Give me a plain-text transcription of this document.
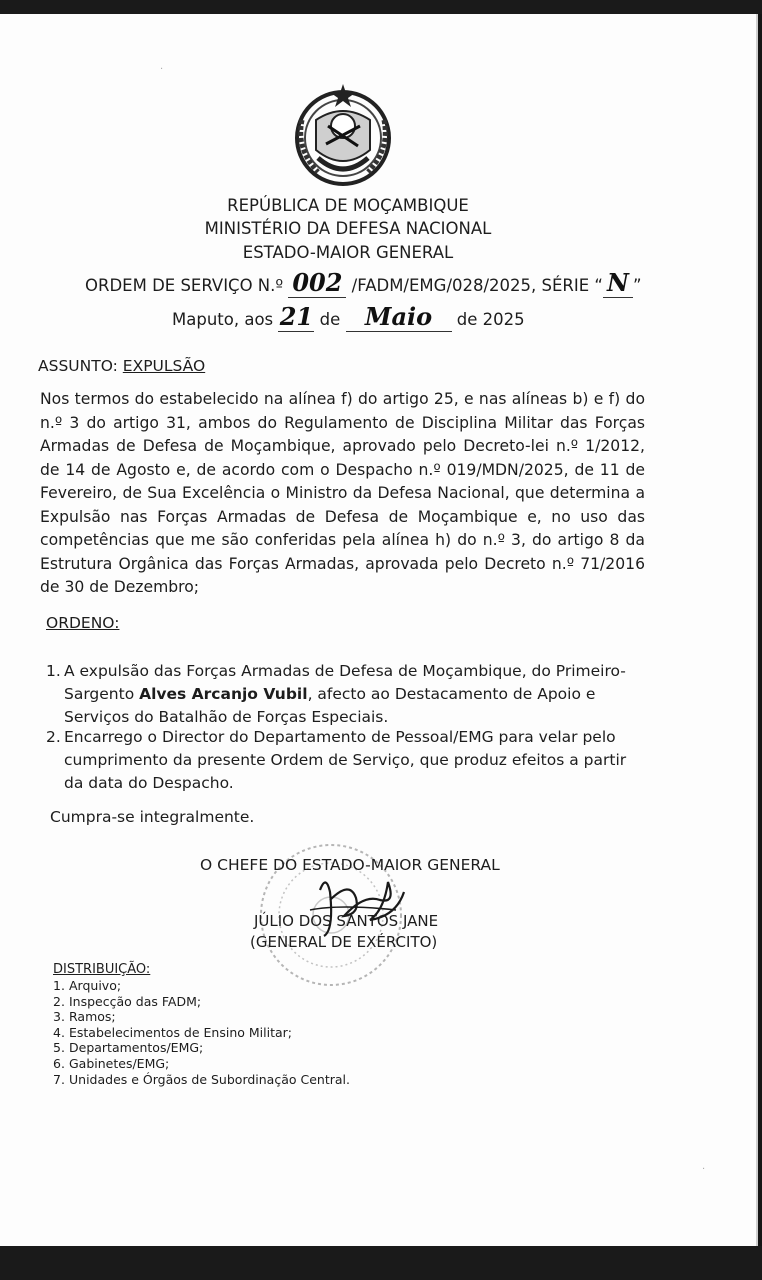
REPÚBLICA DE MOÇAMBIQUE
MINISTÉRIO DA DEFESA NACIONAL
ESTADO-MAIOR GENERAL
ORDEM DE SERVIÇO N.º 002 /FADM/EMG/028/2025, SÉRIE “ N ”
Maputo, aos 21 de Maio de 2025
ASSUNTO: EXPULSÃO
Nos termos do estabelecido na alínea f) do artigo 25, e nas alíneas b) e f) do n.º 3 do artigo 31, ambos do Regulamento de Disciplina Militar das Forças Armadas de Defesa de Moçambique, aprovado pelo Decreto-lei n.º 1/2012, de 14 de Agosto e, de acordo com o Despacho n.º 019/MDN/2025, de 11 de Fevereiro, de Sua Excelência o Ministro da Defesa Nacional, que determina a Expulsão nas Forças Armadas de Defesa de Moçambique e, no uso das competências que me são conferidas pela alínea h) do n.º 3, do artigo 8 da Estrutura Orgânica das Forças Armadas, aprovada pelo Decreto n.º 71/2016 de 30 de Dezembro;
ORDENO:
1. A expulsão das Forças Armadas de Defesa de Moçambique, do Primeiro-Sargento Alves Arcanjo Vubil, afecto ao Destacamento de Apoio e Serviços do Batalhão de Forças Especiais.
2. Encarrego o Director do Departamento de Pessoal/EMG para velar pelo cumprimento da presente Ordem de Serviço, que produz efeitos a partir da data do Despacho.
Cumpra-se integralmente.
O CHEFE DO ESTADO-MAIOR GENERAL
JÚLIO DOS SANTOS JANE
(GENERAL DE EXÉRCITO)
DISTRIBUIÇÃO:
1. Arquivo;
2. Inspecção das FADM;
3. Ramos;
4. Estabelecimentos de Ensino Militar;
5. Departamentos/EMG;
6. Gabinetes/EMG;
7. Unidades e Órgãos de Subordinação Central.
·
·
